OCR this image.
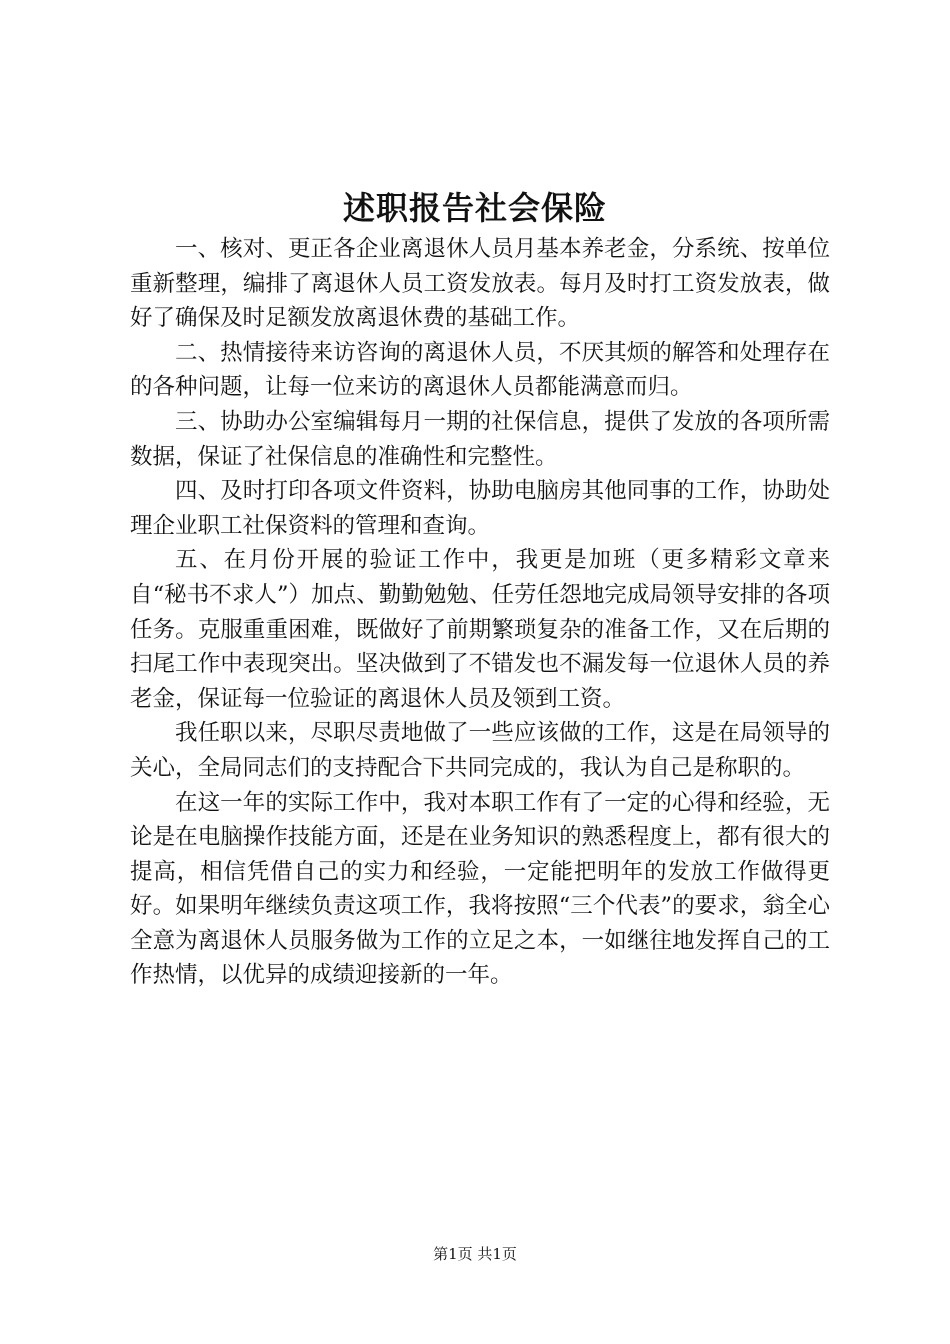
述职报告社会保险

一、核对、更正各企业离退休人员月基本养老金，分系统、按单位重新整理，编排了离退休人员工资发放表。每月及时打工资发放表，做好了确保及时足额发放离退休费的基础工作。

二、热情接待来访咨询的离退休人员，不厌其烦的解答和处理存在的各种问题，让每一位来访的离退休人员都能满意而归。

三、协助办公室编辑每月一期的社保信息，提供了发放的各项所需数据，保证了社保信息的准确性和完整性。

四、及时打印各项文件资料，协助电脑房其他同事的工作，协助处理企业职工社保资料的管理和查询。

五、在月份开展的验证工作中，我更是加班（更多精彩文章来自“秘书不求人”）加点、勤勤勉勉、任劳任怨地完成局领导安排的各项任务。克服重重困难，既做好了前期繁琐复杂的准备工作，又在后期的扫尾工作中表现突出。坚决做到了不错发也不漏发每一位退休人员的养老金，保证每一位验证的离退休人员及领到工资。

我任职以来，尽职尽责地做了一些应该做的工作，这是在局领导的关心，全局同志们的支持配合下共同完成的，我认为自己是称职的。

在这一年的实际工作中，我对本职工作有了一定的心得和经验，无论是在电脑操作技能方面，还是在业务知识的熟悉程度上，都有很大的提高，相信凭借自己的实力和经验，一定能把明年的发放工作做得更好。如果明年继续负责这项工作，我将按照“三个代表”的要求，翁全心全意为离退休人员服务做为工作的立足之本，一如继往地发挥自己的工作热情，以优异的成绩迎接新的一年。

第1页 共1页
